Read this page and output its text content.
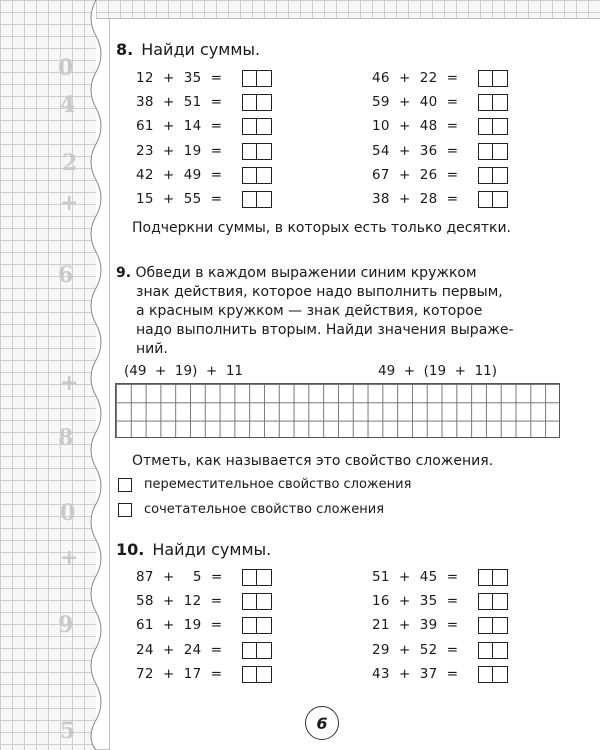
0
4
2
+
6
+
8
0
+
9
5
8. Найди суммы.
12  +  35  =
38  +  51  =
61  +  14  =
23  +  19  =
42  +  49  =
15  +  55  =
46  +  22  =
59  +  40  =
10  +  48  =
54  +  36  =
67  +  26  =
38  +  28  =
Подчеркни суммы, в которых есть только десятки.
9. Обведи в каждом выражении синим кружком
знак действия, которое надо выполнить первым,
а красным кружком — знак действия, которое
надо выполнить вторым. Найди значения выраже-
ний.
(49  +  19)  +  11	49  +  (19  +  11)
Отметь, как называется это свойство сложения.
переместительное свойство сложения
сочетательное свойство сложения
10. Найди суммы.
87  +    5  =
58  +  12  =
61  +  19  =
24  +  24  =
72  +  17  =
51  +  45  =
16  +  35  =
21  +  39  =
29  +  52  =
43  +  37  =
6
